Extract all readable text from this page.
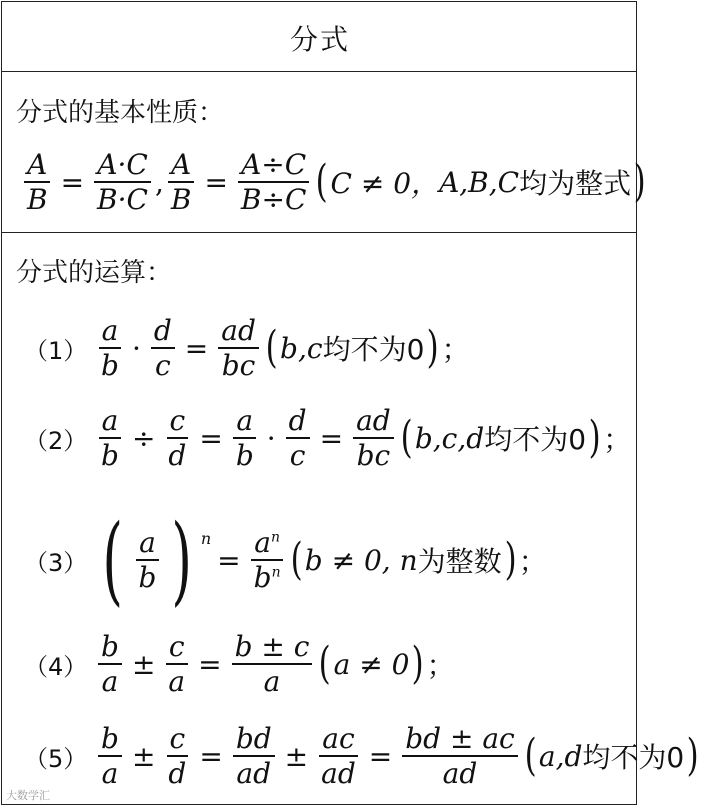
分式
分式的基本性质：
$\frac{A}{B} = \frac{A\cdot C}{B\cdot C}$ , $\frac{A}{B} = \frac{A\div C}{B\div C}$ ( C ≠ 0， A,B,C 均为整式 )
分式的运算：
$(1) \frac{a}{b} \cdot \frac{d}{c} = \frac{ad}{bc}$ ( b,c 均不为0 ) ；
$(2) \frac{a}{b} \div \frac{c}{d} = \frac{a}{b} \cdot \frac{d}{c} = \frac{ad}{bc}$ ( b,c,d 均不为0 ) ；
（3） ( $\frac{a}{b}$ ) $^n$
= $\frac{a^n}{b^n}$ ( b ≠ 0, n 为整数 ) ；
$(4) \frac{b}{a} \pm \frac{c}{a} = \frac{b \pm c}{a}$ ( a ≠ 0 ) ；
$(5) \frac{b}{a} \pm \frac{c}{d} = \frac{bd}{ad} \pm \frac{ac}{ad} = \frac{bd \pm ac}{ad}$ ( a,d 均不为0 )
大数学汇
